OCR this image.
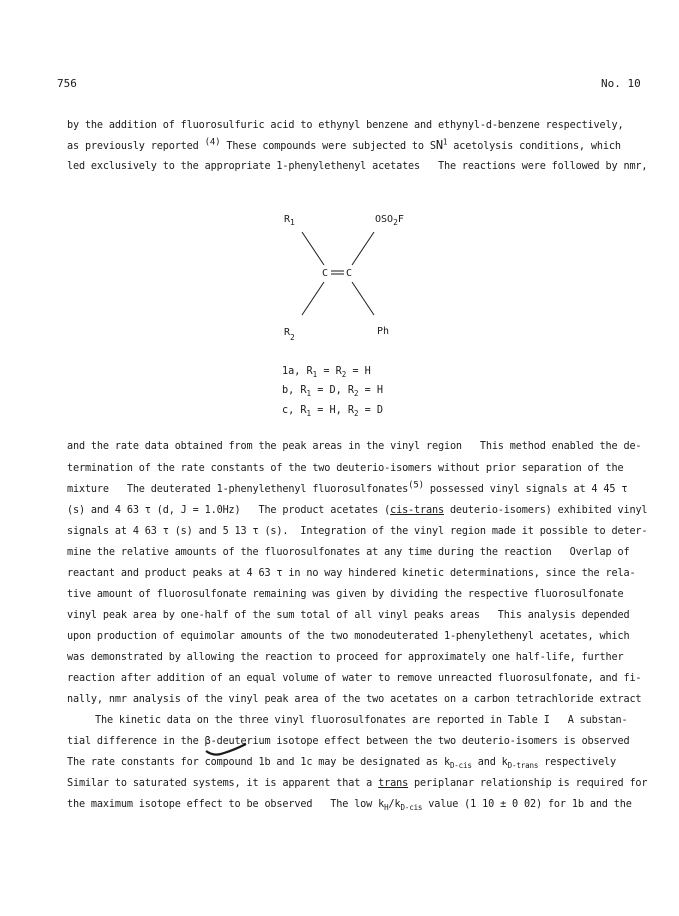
756	No. 10
by the addition of fluorosulfuric acid to ethynyl benzene and ethynyl-d-benzene respectively,
as previously reported $^{(4)}$ These compounds were subjected to $SN^1$ acetolysis conditions, which
led exclusively to the appropriate 1-phenylethenyl acetates   The reactions were followed by nmr,
$R_1$	$OSO_2F$
C C
$R_2$
Ph
1a, $R_1 = R_2 = H$
b, $R_1 = D$, $R_2 = H$
c, $R_1 = H$, $R_2 = D$
and the rate data obtained from the peak areas in the vinyl region   This method enabled the de-
termination of the rate constants of the two deuterio-isomers without prior separation of the
mixture   The deuterated 1-phenylethenyl fluorosulfonates$^{(5)}$ possessed vinyl signals at 4 45 τ
(s) and 4 63 τ (d, J = 1.0Hz)   The product acetates (cis-trans deuterio-isomers) exhibited vinyl
signals at 4 63 τ (s) and 5 13 τ (s).  Integration of the vinyl region made it possible to deter-
mine the relative amounts of the fluorosulfonates at any time during the reaction   Overlap of
reactant and product peaks at 4 63 τ in no way hindered kinetic determinations, since the rela-
tive amount of fluorosulfonate remaining was given by dividing the respective fluorosulfonate
vinyl peak area by one-half of the sum total of all vinyl peaks areas   This analysis depended
upon production of equimolar amounts of the two monodeuterated 1-phenylethenyl acetates, which
was demonstrated by allowing the reaction to proceed for approximately one half-life, further
reaction after addition of an equal volume of water to remove unreacted fluorosulfonate, and fi-
nally, nmr analysis of the vinyl peak area of the two acetates on a carbon tetrachloride extract
The kinetic data on the three vinyl fluorosulfonates are reported in Table I   A substan-
tial difference in the β-deuterium isotope effect between the two deuterio-isomers is observed
The rate constants for compound 1b and 1c may be designated as $k_{D-cis}$ and $k_{D-trans}$ respectively
Similar to saturated systems, it is apparent that a trans periplanar relationship is required for
the maximum isotope effect to be observed   The low $k_H/k_{D-cis}$ value (1 10 ± 0 02) for 1b and the
